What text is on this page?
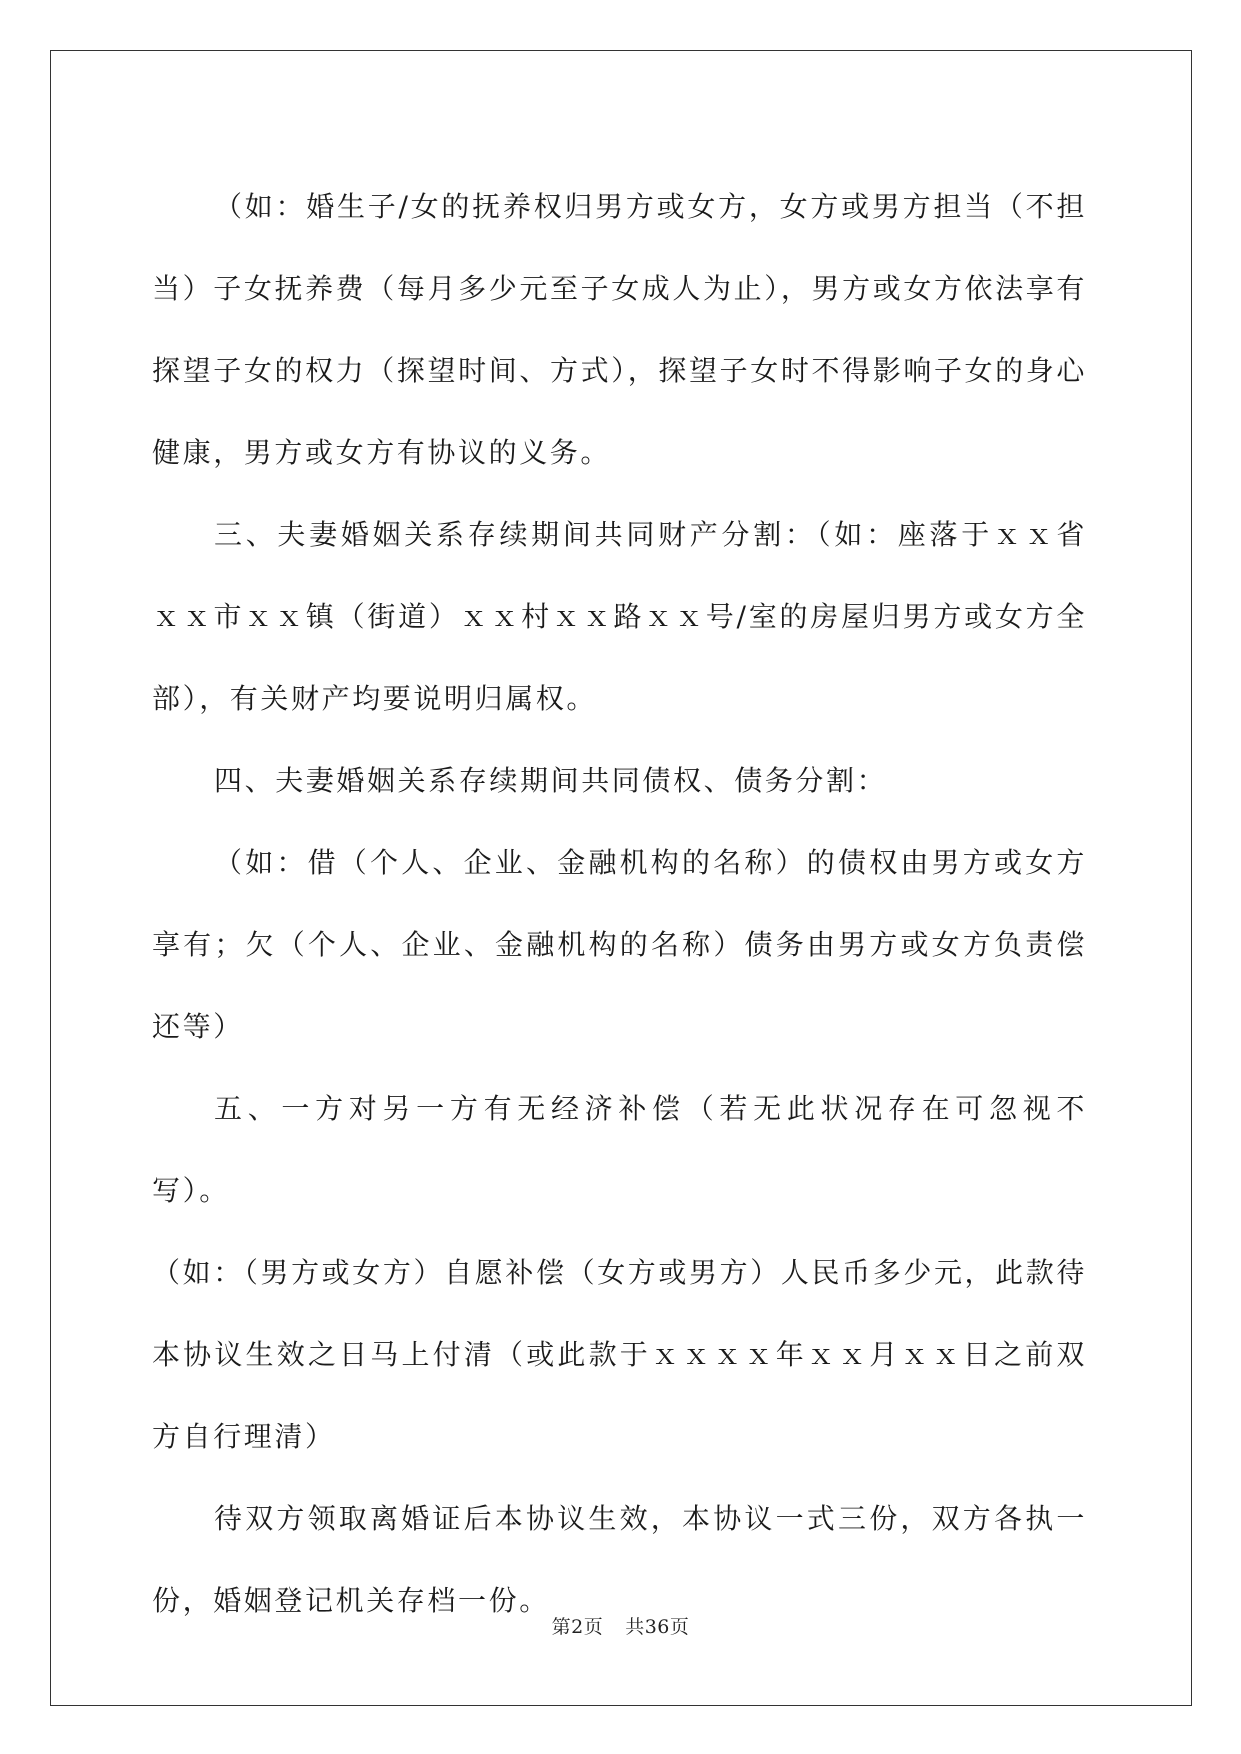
（如：婚生子/女的抚养权归男方或女方，女方或男方担当（不担当）子女抚养费（每月多少元至子女成人为止），男方或女方依法享有探望子女的权力（探望时间、方式），探望子女时不得影响子女的身心健康，男方或女方有协议的义务。

三、夫妻婚姻关系存续期间共同财产分割：（如：座落于ｘｘ省ｘｘ市ｘｘ镇（街道）ｘｘ村ｘｘ路ｘｘ号/室的房屋归男方或女方全部），有关财产均要说明归属权。

四、夫妻婚姻关系存续期间共同债权、债务分割：

（如：借（个人、企业、金融机构的名称）的债权由男方或女方享有；欠（个人、企业、金融机构的名称）债务由男方或女方负责偿还等）

五、一方对另一方有无经济补偿（若无此状况存在可忽视不写）。

（如：（男方或女方）自愿补偿（女方或男方）人民币多少元，此款待本协议生效之日马上付清（或此款于ｘｘｘｘ年ｘｘ月ｘｘ日之前双方自行理清）

待双方领取离婚证后本协议生效，本协议一式三份，双方各执一份，婚姻登记机关存档一份。

第2页 共36页
